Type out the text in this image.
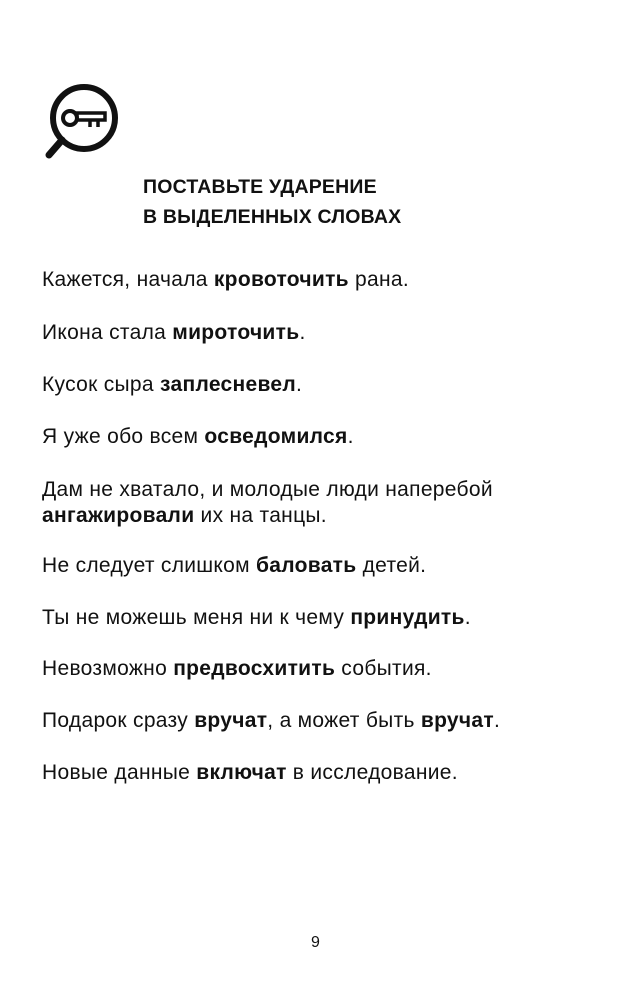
ПОСТАВЬТЕ УДАРЕНИЕ
В ВЫДЕЛЕННЫХ СЛОВАХ
Кажется, начала кровоточить рана.
Икона стала мироточить.
Кусок сыра заплесневел.
Я уже обо всем осведомился.
Дам не хватало, и молодые люди наперебой
ангажировали их на танцы.
Не следует слишком баловать детей.
Ты не можешь меня ни к чему принудить.
Невозможно предвосхитить события.
Подарок сразу вручат, а может быть вручат.
Новые данные включат в исследование.
9
